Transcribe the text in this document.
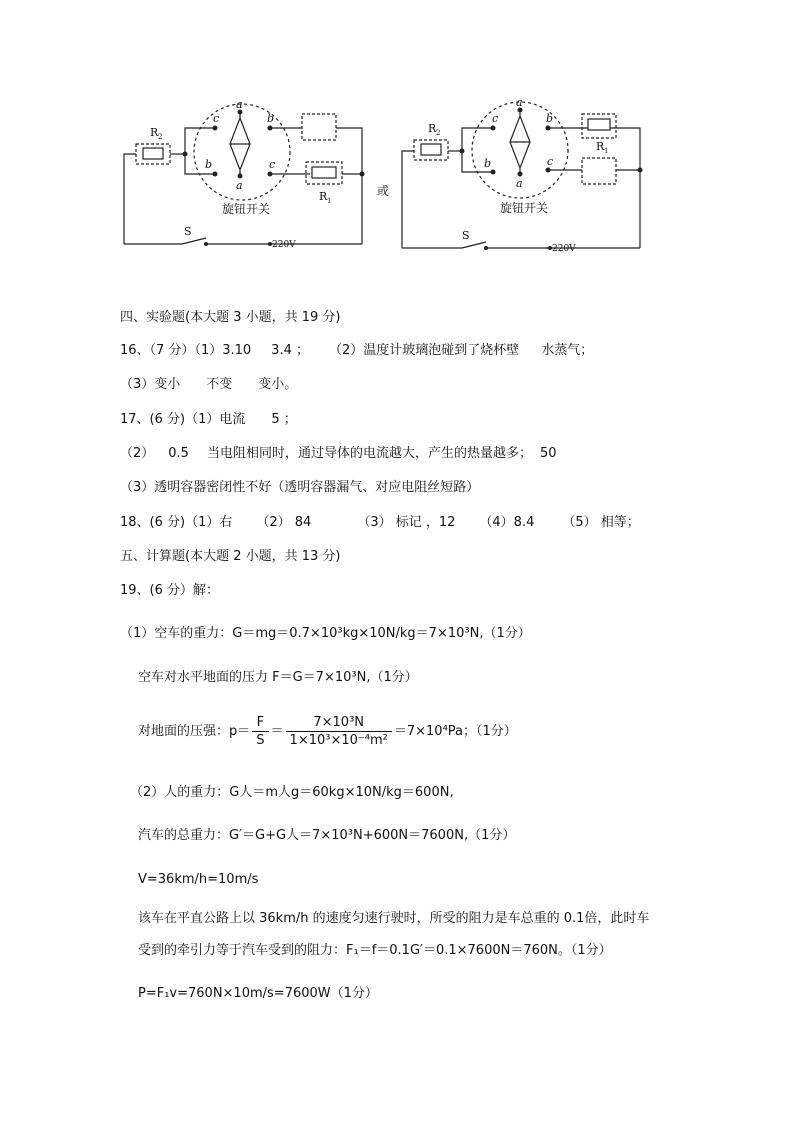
R 2
a
a
c	b
b	c
R 1
S
220V
旋钮开关
或
R 2
a
a
c	b
b	c
R 1
S
220V
旋钮开关
四、实验题(本大题 3 小题，共 19 分)
16、（7 分）（1）3.10 3.4 ； （2）温度计玻璃泡碰到了烧杯壁 水蒸气；
（3）变小 不变 变小。
17、(6 分)（1）电流 5 ；
（2） 0.5 当电阻相同时，通过导体的电流越大，产生的热量越多； 50
（3）透明容器密闭性不好（透明容器漏气、对应电阻丝短路）
18、(6 分)（1）右 （2） 84	（3） 标记 ，12 （4）8.4 （5） 相等；
五、计算题(本大题 2 小题，共 13 分)
19、(6 分）解：
（1）空车的重力：G＝mg＝0.7×10³kg×10N/kg＝7×10³N,（1分）
空车对水平地面的压力 F＝G＝7×10³N,（1分）
对地面的压强：$p= \frac{F}{S} = \frac{\text{7×10³N}}{\text{1×10³×10⁻⁴m²}} =7\times 10^4Pa$；（1分）
（2）人的重力：G人＝m人g＝60kg×10N/kg＝600N,
汽车的总重力：G′＝G+G人＝7×10³N+600N＝7600N,（1分）
V=36km/h=10m/s
该车在平直公路上以 36km/h 的速度匀速行驶时，所受的阻力是车总重的 0.1倍，此时车
受到的牵引力等于汽车受到的阻力：F₁＝f＝0.1G′＝0.1×7600N＝760N。（1分）
P=F₁v=760N×10m/s=7600W（1分）
